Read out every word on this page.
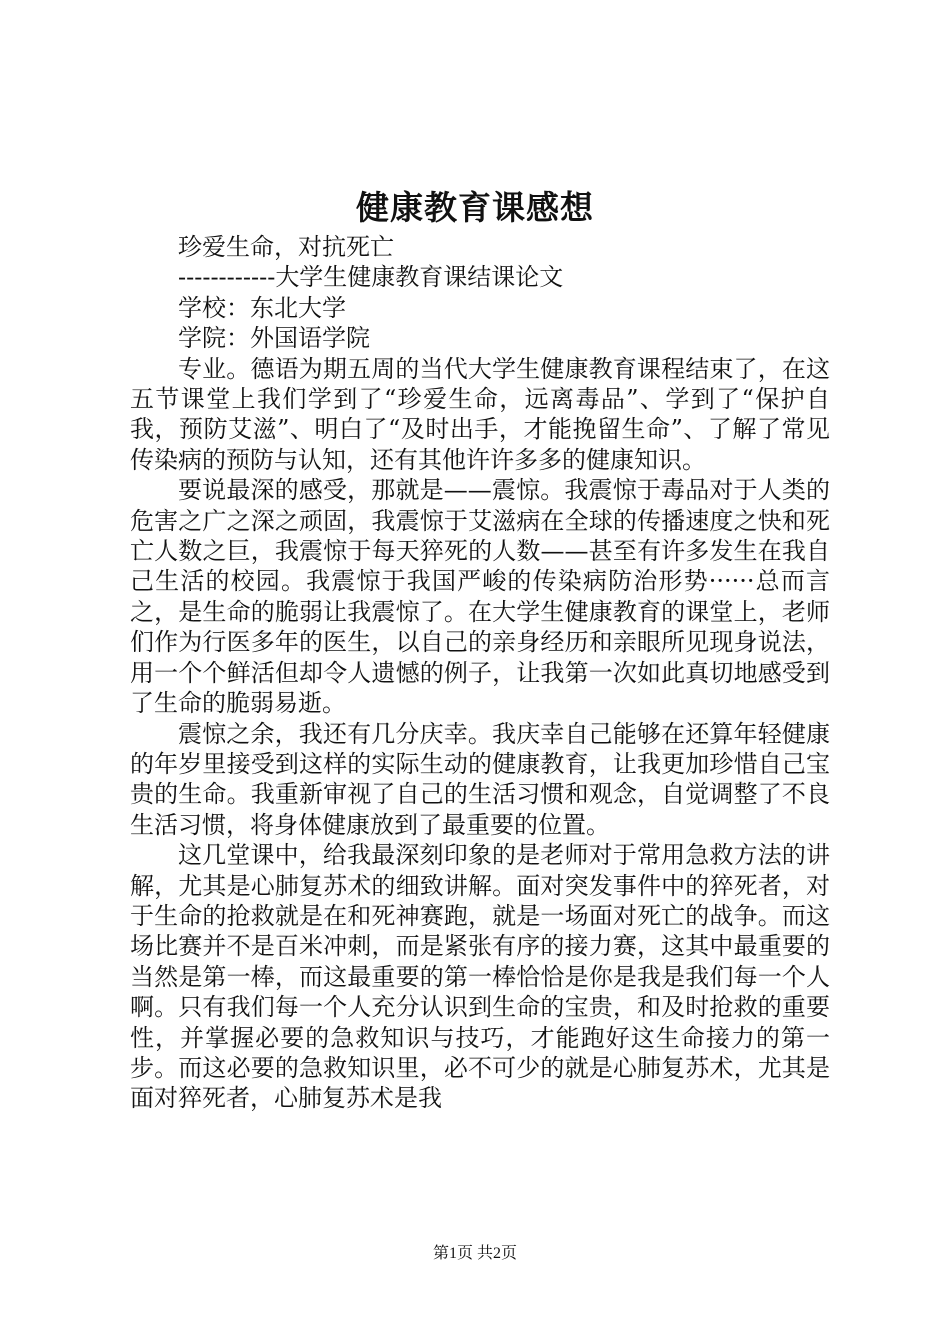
健康教育课感想

珍爱生命，对抗死亡

------------大学生健康教育课结课论文

学校：东北大学

学院：外国语学院

专业。德语为期五周的当代大学生健康教育课程结束了，在这五节课堂上我们学到了“珍爱生命，远离毒品”、学到了“保护自我，预防艾滋”、明白了“及时出手，才能挽留生命”、了解了常见传染病的预防与认知，还有其他许许多多的健康知识。

要说最深的感受，那就是——震惊。我震惊于毒品对于人类的危害之广之深之顽固，我震惊于艾滋病在全球的传播速度之快和死亡人数之巨，我震惊于每天猝死的人数——甚至有许多发生在我自己生活的校园。我震惊于我国严峻的传染病防治形势······总而言之，是生命的脆弱让我震惊了。在大学生健康教育的课堂上，老师们作为行医多年的医生，以自己的亲身经历和亲眼所见现身说法，用一个个鲜活但却令人遗憾的例子，让我第一次如此真切地感受到了生命的脆弱易逝。

震惊之余，我还有几分庆幸。我庆幸自己能够在还算年轻健康的年岁里接受到这样的实际生动的健康教育，让我更加珍惜自己宝贵的生命。我重新审视了自己的生活习惯和观念，自觉调整了不良生活习惯，将身体健康放到了最重要的位置。

这几堂课中，给我最深刻印象的是老师对于常用急救方法的讲解，尤其是心肺复苏术的细致讲解。面对突发事件中的猝死者，对于生命的抢救就是在和死神赛跑，就是一场面对死亡的战争。而这场比赛并不是百米冲刺，而是紧张有序的接力赛，这其中最重要的当然是第一棒，而这最重要的第一棒恰恰是你是我是我们每一个人啊。只有我们每一个人充分认识到生命的宝贵，和及时抢救的重要性，并掌握必要的急救知识与技巧，才能跑好这生命接力的第一步。而这必要的急救知识里，必不可少的就是心肺复苏术，尤其是面对猝死者，心肺复苏术是我

第1页 共2页
